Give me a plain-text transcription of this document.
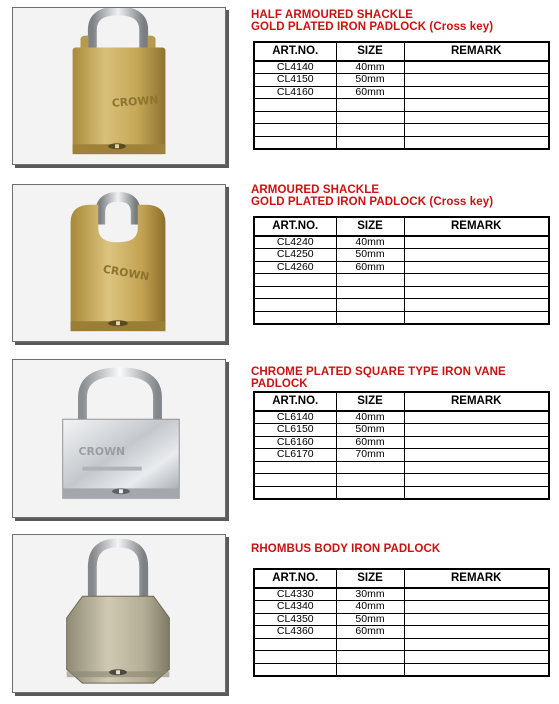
CROWN
HALF ARMOURED SHACKLE
GOLD PLATED IRON PADLOCK (Cross key)
ART.NO.	SIZE	REMARK
CL4140	40mm	
CL4150	50mm	
CL4160	60mm	

CROWN
ARMOURED SHACKLE
GOLD PLATED IRON PADLOCK (Cross key)
ART.NO.	SIZE	REMARK
CL4240	40mm	
CL4250	50mm	
CL4260	60mm	

CROWN
CHROME PLATED SQUARE TYPE IRON VANE PADLOCK
ART.NO.	SIZE	REMARK
CL6140	40mm	
CL6150	50mm	
CL6160	60mm	
CL6170	70mm	

RHOMBUS BODY IRON PADLOCK
ART.NO.	SIZE	REMARK
CL4330	30mm	
CL4340	40mm	
CL4350	50mm	
CL4360	60mm	
